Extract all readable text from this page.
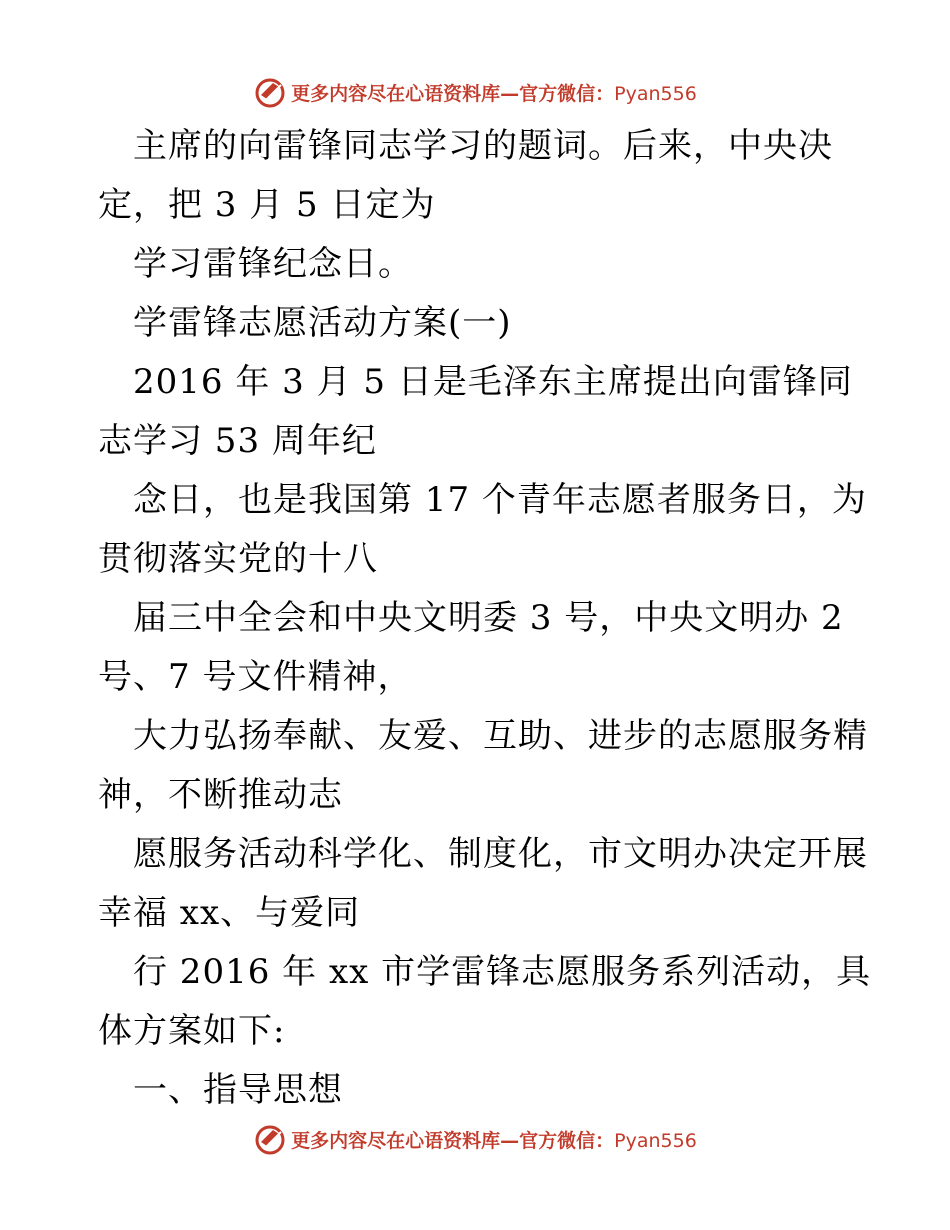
更多内容尽在心语资料库—官方微信：Pyan556
主席的向雷锋同志学习的题词。后来，中央决
定，把 3 月 5 日定为
学习雷锋纪念日。
学雷锋志愿活动方案(一)
2016 年 3 月 5 日是毛泽东主席提出向雷锋同
志学习 53 周年纪
念日，也是我国第 17 个青年志愿者服务日，为
贯彻落实党的十八
届三中全会和中央文明委 3 号，中央文明办 2
号、7 号文件精神，
大力弘扬奉献、友爱、互助、进步的志愿服务精
神，不断推动志
愿服务活动科学化、制度化，市文明办决定开展
幸福 xx、与爱同
行 2016 年 xx 市学雷锋志愿服务系列活动，具
体方案如下:
一、指导思想
更多内容尽在心语资料库—官方微信：Pyan556
